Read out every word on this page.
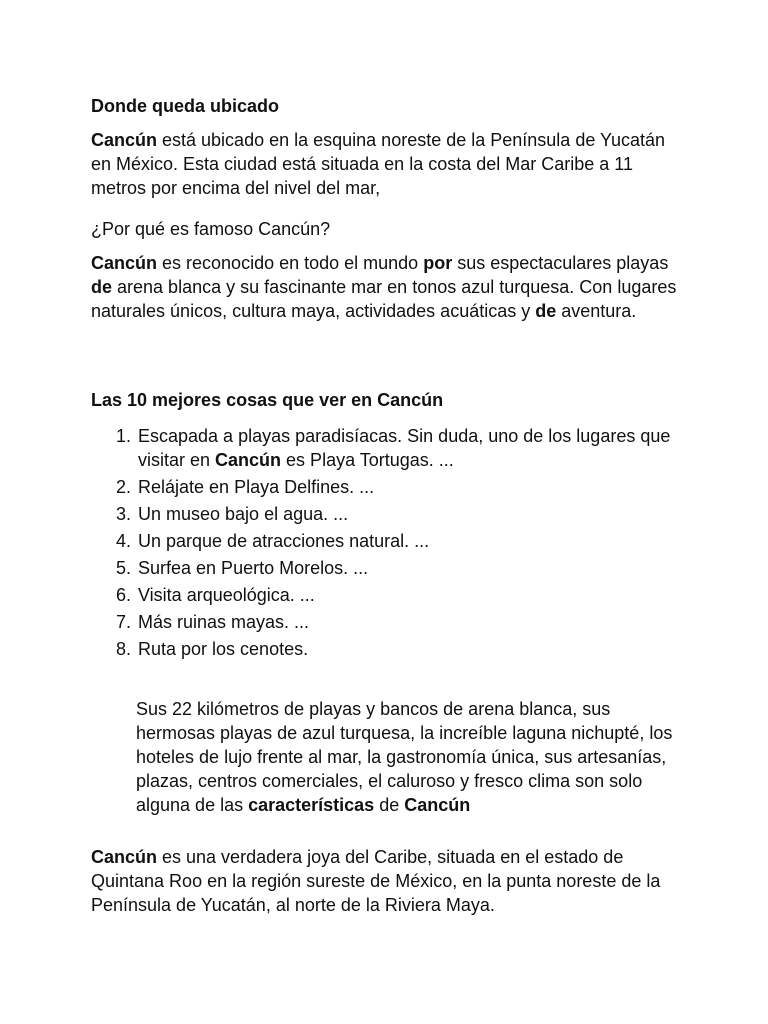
Donde queda ubicado
Cancún está ubicado en la esquina noreste de la Península de Yucatán en México. Esta ciudad está situada en la costa del Mar Caribe a 11 metros por encima del nivel del mar,
¿Por qué es famoso Cancún?
Cancún es reconocido en todo el mundo por sus espectaculares playas de arena blanca y su fascinante mar en tonos azul turquesa. Con lugares naturales únicos, cultura maya, actividades acuáticas y de aventura.
Las 10 mejores cosas que ver en Cancún
1. Escapada a playas paradisíacas. Sin duda, uno de los lugares que visitar en Cancún es Playa Tortugas. ...
2. Relájate en Playa Delfines. ...
3. Un museo bajo el agua. ...
4. Un parque de atracciones natural. ...
5. Surfea en Puerto Morelos. ...
6. Visita arqueológica. ...
7. Más ruinas mayas. ...
8. Ruta por los cenotes.
Sus 22 kilómetros de playas y bancos de arena blanca, sus hermosas playas de azul turquesa, la increíble laguna nichupté, los hoteles de lujo frente al mar, la gastronomía única, sus artesanías, plazas, centros comerciales, el caluroso y fresco clima son solo alguna de las características de Cancún
Cancún es una verdadera joya del Caribe, situada en el estado de Quintana Roo en la región sureste de México, en la punta noreste de la Península de Yucatán, al norte de la Riviera Maya.
